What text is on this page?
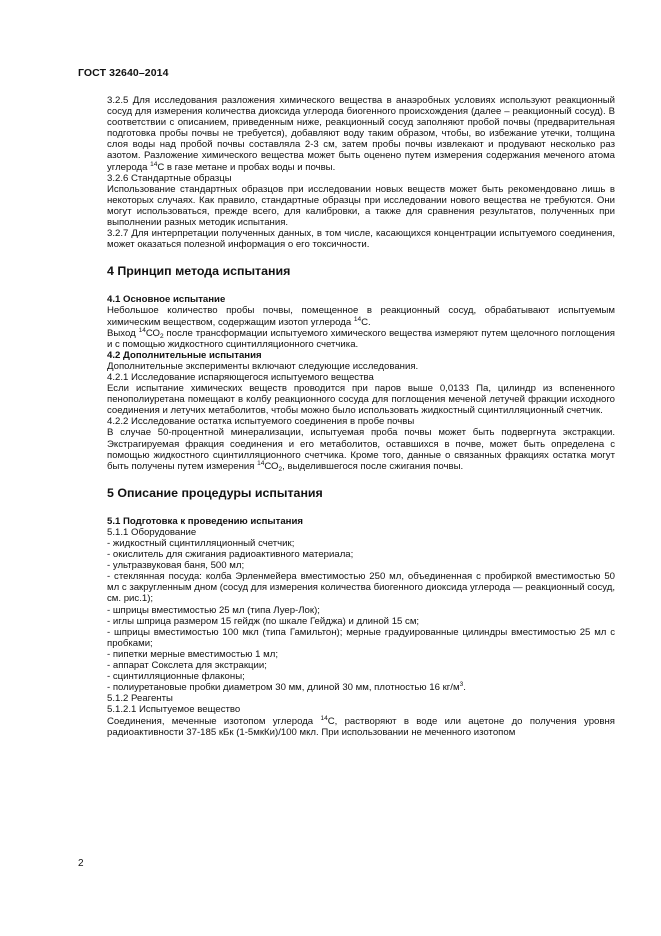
ГОСТ 32640–2014

3.2.5 Для исследования разложения химического вещества в анаэробных условиях используют реакционный сосуд для измерения количества диоксида углерода биогенного происхождения (далее – реакционный сосуд). В соответствии с описанием, приведенным ниже, реакционный сосуд заполняют пробой почвы (предварительная подготовка пробы почвы не требуется), добавляют воду таким образом, чтобы, во избежание утечки, толщина слоя воды над пробой почвы составляла 2-3 см, затем пробы почвы извлекают и продувают несколько раз азотом. Разложение химического вещества может быть оценено путем измерения содержания меченого атома углерода $^{14}$С в газе метане и пробах воды и почвы.

3.2.6 Стандартные образцы

Использование стандартных образцов при исследовании новых веществ может быть рекомендовано лишь в некоторых случаях. Как правило, стандартные образцы при исследовании нового вещества не требуются. Они могут использоваться, прежде всего, для калибровки, а также для сравнения результатов, полученных при выполнении разных методик испытания.

3.2.7 Для интерпретации полученных данных, в том числе, касающихся концентрации испытуемого соединения, может оказаться полезной информация о его токсичности.

4 Принцип метода испытания

4.1 Основное испытание

Небольшое количество пробы почвы, помещенное в реакционный сосуд, обрабатывают испытуемым химическим веществом, содержащим изотоп углерода $^{14}$С.

Выход $^{14}СО_2$ после трансформации испытуемого химического вещества измеряют путем щелочного поглощения и с помощью жидкостного сцинтилляционного счетчика.

4.2 Дополнительные испытания

Дополнительные эксперименты включают следующие исследования.

4.2.1 Исследование испаряющегося испытуемого вещества

Если испытание химических веществ проводится при паров выше 0,0133 Па, цилиндр из вспененного пенополиуретана помещают в колбу реакционного сосуда для поглощения меченой летучей фракции исходного соединения и летучих метаболитов, чтобы можно было использовать жидкостный сцинтилляционный счетчик.

4.2.2 Исследование остатка испытуемого соединения в пробе почвы

В случае 50-процентной минерализации, испытуемая проба почвы может быть подвергнута экстракции. Экстрагируемая фракция соединения и его метаболитов, оставшихся в почве, может быть определена с помощью жидкостного сцинтилляционного счетчика. Кроме того, данные о связанных фракциях остатка могут быть получены путем измерения $^{14}СО_2$, выделившегося после сжигания почвы.

5 Описание процедуры испытания

5.1 Подготовка к проведению испытания

5.1.1 Оборудование

- жидкостный сцинтилляционный счетчик;

- окислитель для сжигания радиоактивного материала;

- ультразвуковая баня, 500 мл;

- стеклянная посуда: колба Эрленмейера вместимостью 250 мл, объединенная с пробиркой вместимостью 50 мл с закругленным дном (сосуд для измерения количества биогенного диоксида углерода — реакционный сосуд, см. рис.1);

- шприцы вместимостью 25 мл (типа Луер-Лок);

- иглы шприца размером 15 гейдж (по шкале Гейджа) и длиной 15 см;

- шприцы вместимостью 100 мкл (типа Гамильтон); мерные градуированные цилиндры вместимостью 25 мл с пробками;

- пипетки мерные вместимостью 1 мл;

- аппарат Сокслета для экстракции;

- сцинтилляционные флаконы;

- полиуретановые пробки диаметром 30 мм, длиной 30 мм, плотностью 16 $кг/м^3$.

5.1.2 Реагенты

5.1.2.1 Испытуемое вещество

Соединения, меченные изотопом углерода $^{14}$С, растворяют в воде или ацетоне до получения уровня радиоактивности 37-185 кБк (1-5мкКи)/100 мкл. При использовании не меченного изотопом

2
